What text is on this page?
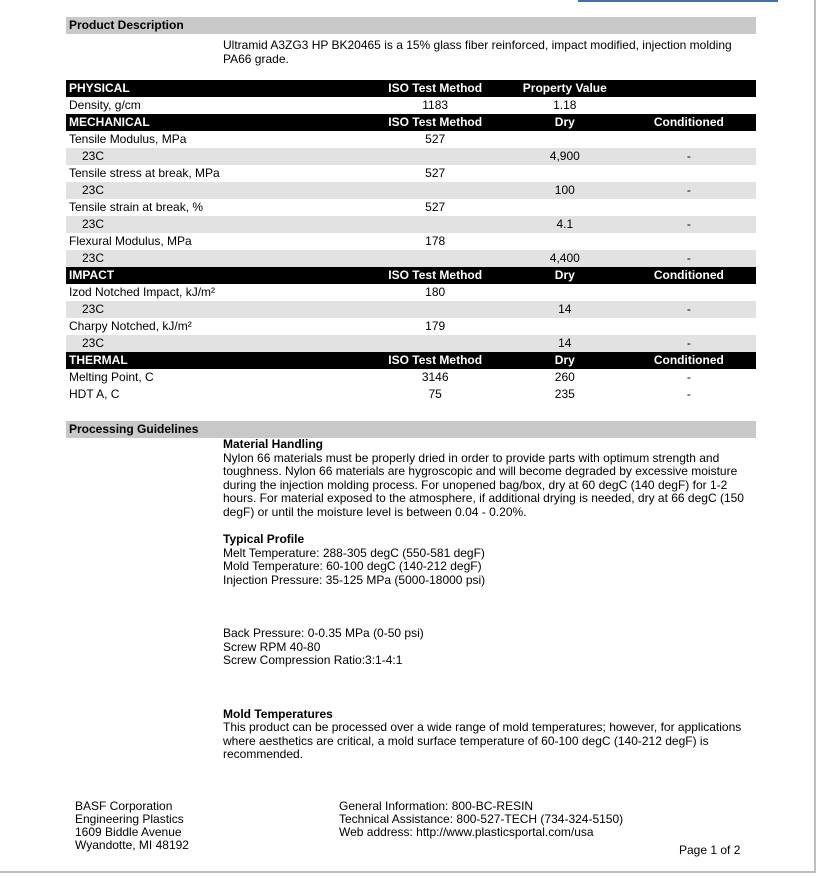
Product Description
Ultramid A3ZG3 HP BK20465 is a 15% glass fiber reinforced, impact modified, injection molding PA66 grade.
PHYSICAL	ISO Test Method	Property Value	
Density, g/cm	1183	1.18	
MECHANICAL	ISO Test Method	Dry	Conditioned
Tensile Modulus, MPa	527		
23C		4,900	-
Tensile stress at break, MPa	527		
23C		100	-
Tensile strain at break, %	527		
23C		4.1	-
Flexural Modulus, MPa	178		
23C		4,400	-
IMPACT	ISO Test Method	Dry	Conditioned
Izod Notched Impact, kJ/m²	180		
23C		14	-
Charpy Notched, kJ/m²	179		
23C		14	-
THERMAL	ISO Test Method	Dry	Conditioned
Melting Point, C	3146	260	-
HDT A, C	75	235	-
Processing Guidelines
Material Handling
Nylon 66 materials must be properly dried in order to provide parts with optimum strength and toughness. Nylon 66 materials are hygroscopic and will become degraded by excessive moisture during the injection molding process. For unopened bag/box, dry at 60 degC (140 degF) for 1-2 hours. For material exposed to the atmosphere, if additional drying is needed, dry at 66 degC (150 degF) or until the moisture level is between 0.04 - 0.20%.
Typical Profile
Melt Temperature: 288-305 degC (550-581 degF)
Mold Temperature: 60-100 degC (140-212 degF)
Injection Pressure: 35-125 MPa (5000-18000 psi)
Back Pressure: 0-0.35 MPa (0-50 psi)
Screw RPM 40-80
Screw Compression Ratio:3:1-4:1
Mold Temperatures
This product can be processed over a wide range of mold temperatures; however, for applications where aesthetics are critical, a mold surface temperature of 60-100 degC (140-212 degF) is recommended.
BASF Corporation
Engineering Plastics
1609 Biddle Avenue
Wyandotte, MI 48192
General Information: 800-BC-RESIN
Technical Assistance: 800-527-TECH (734-324-5150)
Web address: http://www.plasticsportal.com/usa
Page 1 of 2
